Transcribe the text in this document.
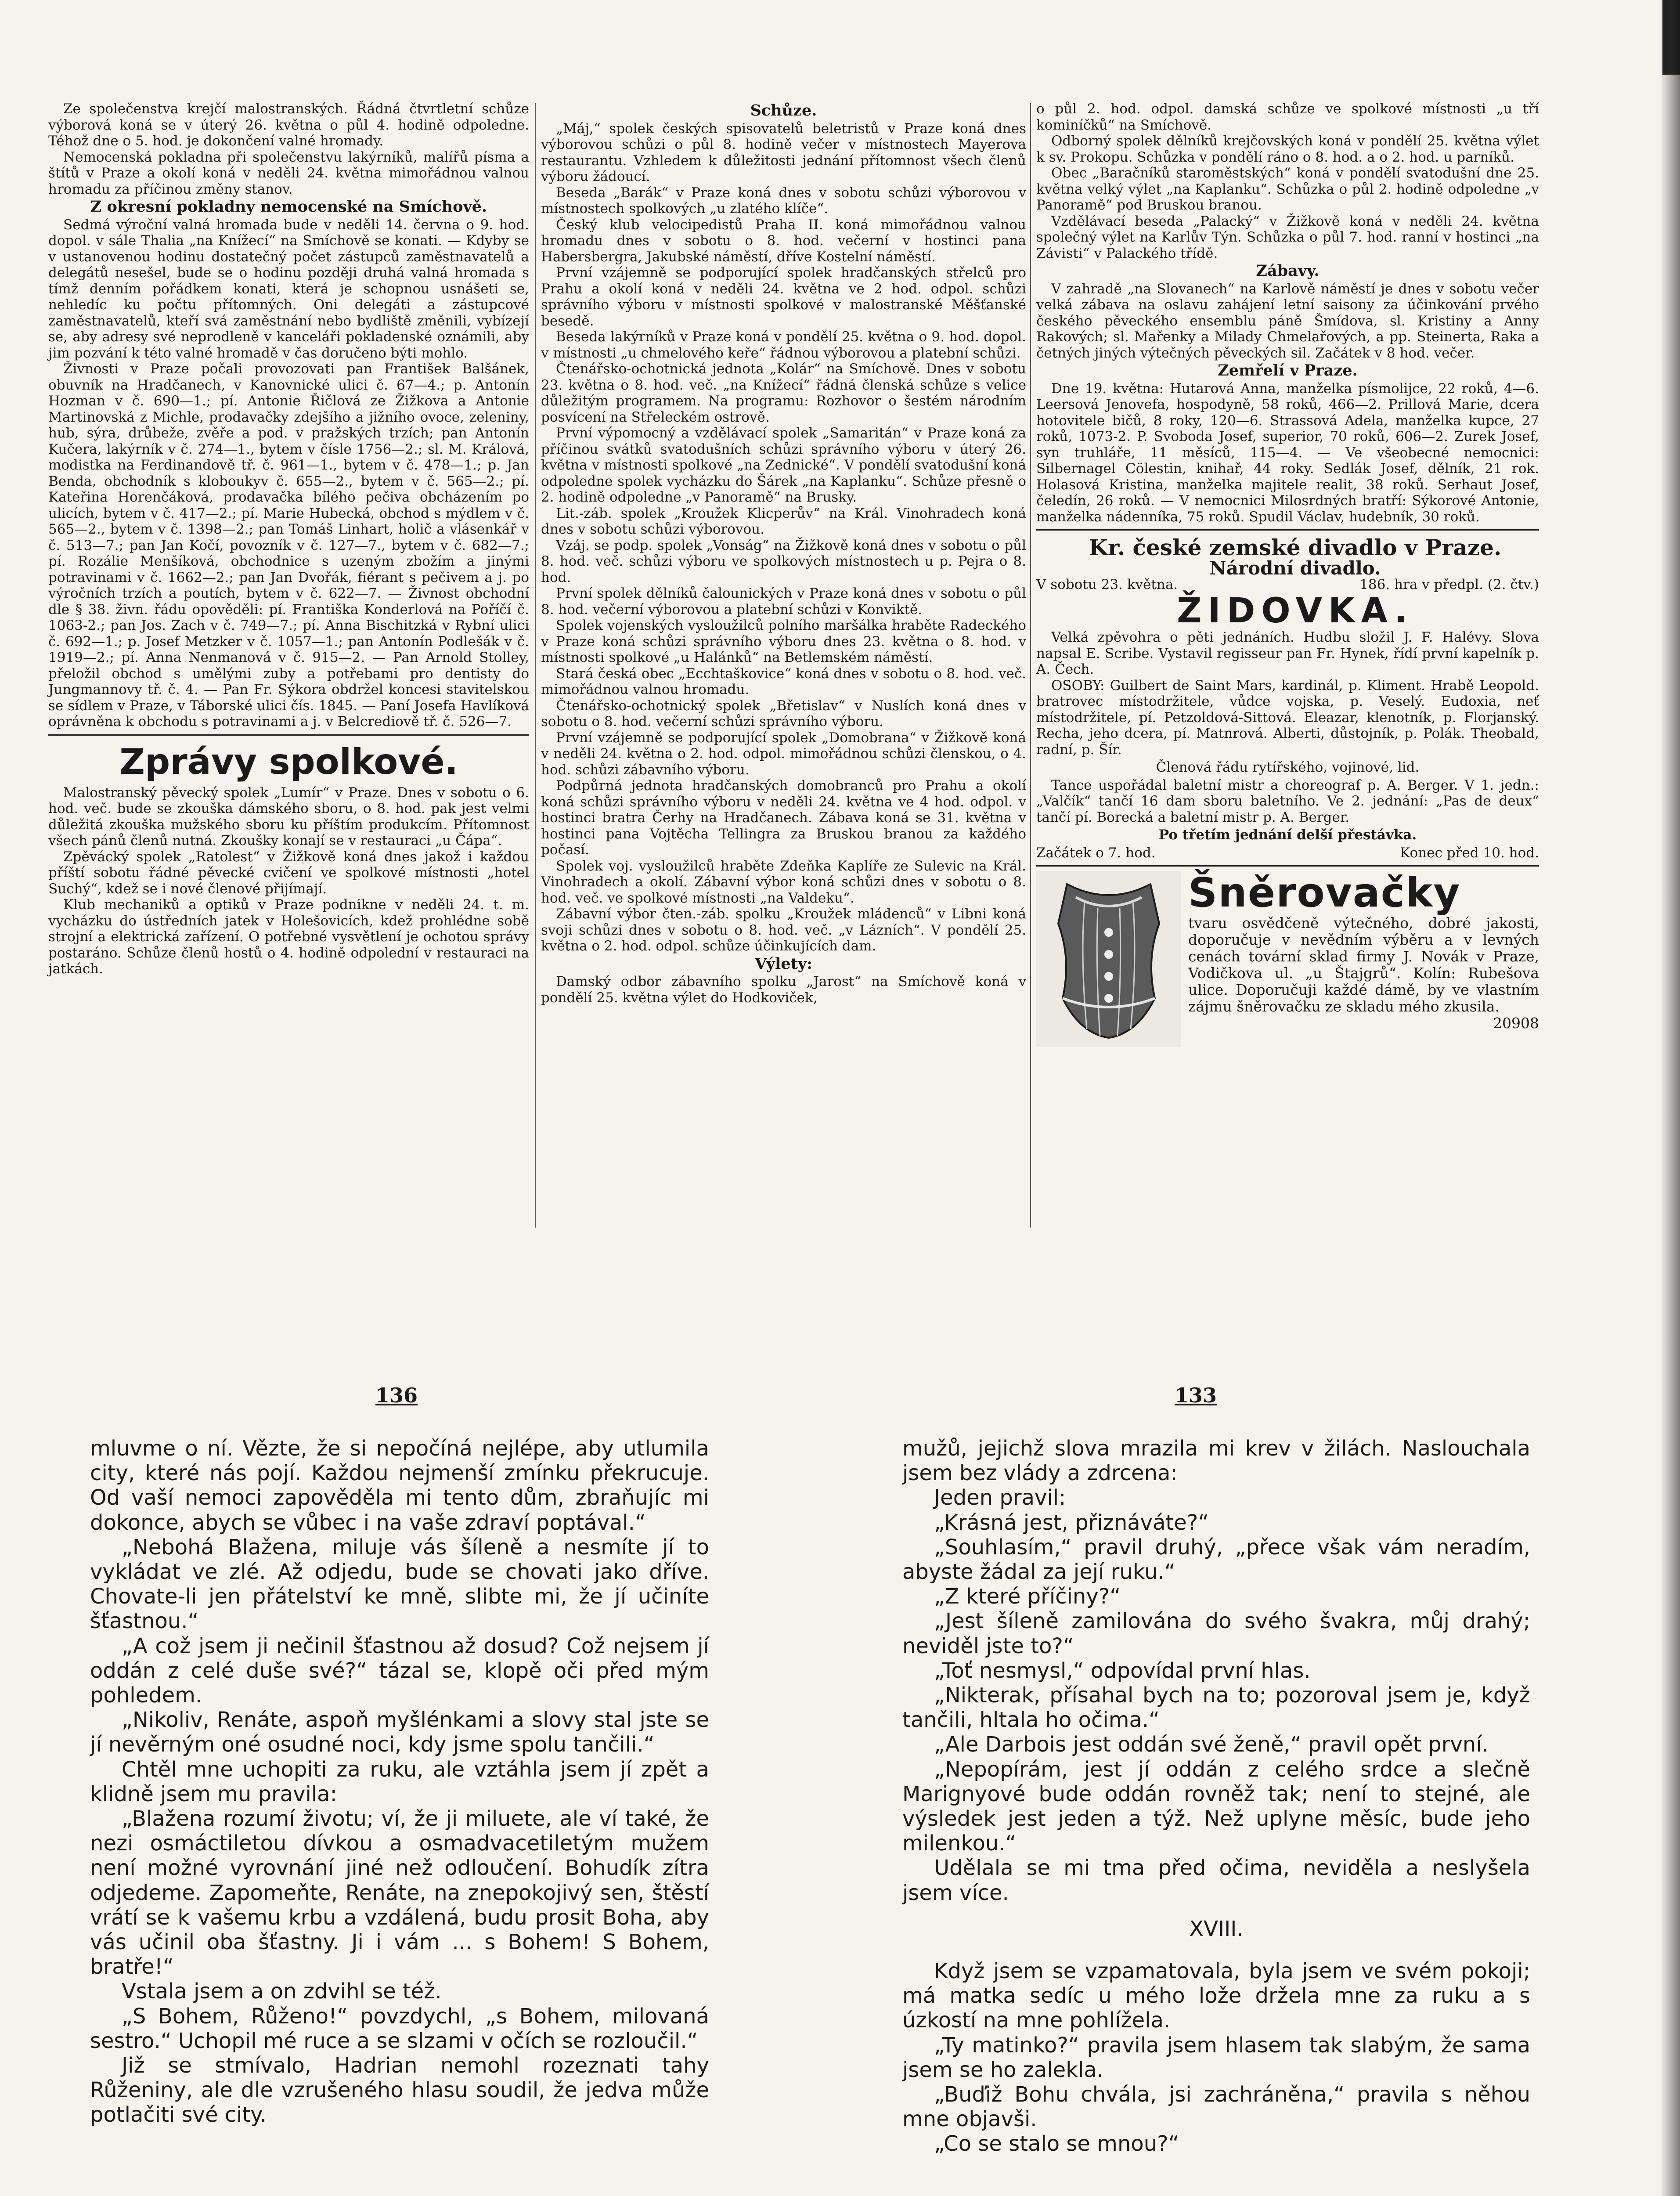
Ze společenstva krejčí malostranských. Řádná čtvrtletní schůze výborová koná se v úterý 26. května o půl 4. hodině odpoledne. Téhož dne o 5. hod. je dokončení valné hromady.

Nemocenská pokladna při společenstvu lakýrníků, malířů písma a štítů v Praze a okolí koná v neděli 24. května mimořádnou valnou hromadu za příčinou změny stanov.

Z okresní pokladny nemocenské na Smíchově.

Sedmá výroční valná hromada bude v neděli 14. června o 9. hod. dopol. v sále Thalia „na Knížecí“ na Smíchově se konati. — Kdyby se v ustanovenou hodinu dostatečný počet zástupců zaměstnavatelů a delegátů nesešel, bude se o hodinu později druhá valná hromada s tímž denním pořádkem konati, která je schopnou usnášeti se, nehledíc ku počtu přítomných. Oni delegáti a zástupcové zaměstnavatelů, kteří svá zaměstnání nebo bydliště změnili, vybízejí se, aby adresy své neprodleně v kanceláři pokladenské oznámili, aby jim pozvání k této valné hromadě v čas doručeno býti mohlo.

Živnosti v Praze počali provozovati pan František Balšánek, obuvník na Hradčanech, v Kanovnické ulici č. 67—4.; p. Antonín Hozman v č. 690—1.; pí. Antonie Řičlová ze Žižkova a Antonie Martinovská z Michle, prodavačky zdejšího a jižního ovoce, zeleniny, hub, sýra, drůbeže, zvěře a pod. v pražských trzích; pan Antonín Kučera, lakýrník v č. 274—1., bytem v čísle 1756—2.; sl. M. Králová, modistka na Ferdinandově tř. č. 961—1., bytem v č. 478—1.; p. Jan Benda, obchodník s kloboukyv č. 655—2., bytem v č. 565—2.; pí. Kateřina Horenčáková, prodavačka bílého pečiva obcházením po ulicích, bytem v č. 417—2.; pí. Marie Hubecká, obchod s mýdlem v č. 565—2., bytem v č. 1398—2.; pan Tomáš Linhart, holič a vlásenkář v č. 513—7.; pan Jan Kočí, povozník v č. 127—7., bytem v č. 682—7.; pí. Rozálie Menšíková, obchodnice s uzeným zbožím a jinými potravinami v č. 1662—2.; pan Jan Dvořák, fiérant s pečivem a j. po výročních trzích a poutích, bytem v č. 622—7. — Živnost obchodní dle § 38. živn. řádu opověděli: pí. Františka Konderlová na Poříčí č. 1063-2.; pan Jos. Zach v č. 749—7.; pí. Anna Bischitzká v Rybní ulici č. 692—1.; p. Josef Metzker v č. 1057—1.; pan Antonín Podlešák v č. 1919—2.; pí. Anna Nenmanová v č. 915—2. — Pan Arnold Stolley, přeložil obchod s umělými zuby a potřebami pro dentisty do Jungmannovy tř. č. 4. — Pan Fr. Sýkora obdržel koncesi stavitelskou se sídlem v Praze, v Táborské ulici čís. 1845. — Paní Josefa Havlíková oprávněna k obchodu s potravinami a j. v Belcrediově tř. č. 526—7.

Zprávy spolkové.

Malostranský pěvecký spolek „Lumír“ v Praze. Dnes v sobotu o 6. hod. več. bude se zkouška dámského sboru, o 8. hod. pak jest velmi důležitá zkouška mužského sboru ku příštím produkcím. Přítomnost všech pánů členů nutná. Zkoušky konají se v restauraci „u Čápa“.

Zpěvácký spolek „Ratolest“ v Žižkově koná dnes jakož i každou příští sobotu řádné pěvecké cvičení ve spolkové místnosti „hotel Suchý“, kdež se i nové členové přijímají.

Klub mechaniků a optiků v Praze podnikne v neděli 24. t. m. vycházku do ústředních jatek v Holešovicích, kdež prohlédne sobě strojní a elektrická zařízení. O potřebné vysvětlení je ochotou správy postaráno. Schůze členů hostů o 4. hodině odpolední v restauraci na jatkách.

Schůze.

„Máj,“ spolek českých spisovatelů beletristů v Praze koná dnes výborovou schůzi o půl 8. hodině večer v místnostech Mayerova restaurantu. Vzhledem k důležitosti jednání přítomnost všech členů výboru žádoucí.

Beseda „Barák“ v Praze koná dnes v sobotu schůzi výborovou v místnostech spolkových „u zlatého klíče“.

Český klub velocipedistů Praha II. koná mimořádnou valnou hromadu dnes v sobotu o 8. hod. večerní v hostinci pana Habersbergra, Jakubské náměstí, dříve Kostelní náměstí.

První vzájemně se podporující spolek hradčanských střelců pro Prahu a okolí koná v neděli 24. května ve 2 hod. odpol. schůzi správního výboru v místnosti spolkové v malostranské Měšťanské besedě.

Beseda lakýrníků v Praze koná v pondělí 25. května o 9. hod. dopol. v místnosti „u chmelového keře“ řádnou výborovou a platební schůzi.

Čtenářsko-ochotnická jednota „Kolár“ na Smíchově. Dnes v sobotu 23. května o 8. hod. več. „na Knížecí“ řádná členská schůze s velice důležitým programem. Na programu: Rozhovor o šestém národním posvícení na Střeleckém ostrově.

První výpomocný a vzdělávací spolek „Samaritán“ v Praze koná za příčinou svátků svatodušních schůzi správního výboru v úterý 26. května v místnosti spolkové „na Zednické“. V pondělí svatodušní koná odpoledne spolek vycházku do Šárek „na Kaplanku“. Schůze přesně o 2. hodině odpoledne „v Panoramě“ na Brusky.

Lit.-záb. spolek „Kroužek Klicperův“ na Král. Vinohradech koná dnes v sobotu schůzi výborovou.

Vzáj. se podp. spolek „Vonság“ na Žižkově koná dnes v sobotu o půl 8. hod. več. schůzi výboru ve spolkových místnostech u p. Pejra o 8. hod.

První spolek dělníků čalounických v Praze koná dnes v sobotu o půl 8. hod. večerní výborovou a platební schůzi v Konviktě.

Spolek vojenských vysloužilců polního maršálka hraběte Radeckého v Praze koná schůzi správního výboru dnes 23. května o 8. hod. v místnosti spolkové „u Halánků“ na Betlemském náměstí.

Stará česká obec „Ecchtaškovice“ koná dnes v sobotu o 8. hod. več. mimořádnou valnou hromadu.

Čtenářsko-ochotnický spolek „Břetislav“ v Nuslích koná dnes v sobotu o 8. hod. večerní schůzi správního výboru.

První vzájemně se podporující spolek „Domobrana“ v Žižkově koná v neděli 24. května o 2. hod. odpol. mimořádnou schůzi členskou, o 4. hod. schůzi zábavního výboru.

Podpůrná jednota hradčanských domobranců pro Prahu a okolí koná schůzi správního výboru v neděli 24. května ve 4 hod. odpol. v hostinci bratra Čerhy na Hradčanech. Zábava koná se 31. května v hostinci pana Vojtěcha Tellingra za Bruskou branou za každého počasí.

Spolek voj. vysloužilců hraběte Zdeňka Kaplíře ze Sulevic na Král. Vinohradech a okolí. Zábavní výbor koná schůzi dnes v sobotu o 8. hod. več. ve spolkové místnosti „na Valdeku“.

Zábavní výbor čten.-záb. spolku „Kroužek mládenců“ v Libni koná svoji schůzi dnes v sobotu o 8. hod. več. „v Lázních“. V pondělí 25. května o 2. hod. odpol. schůze účinkujících dam.

Výlety:

Damský odbor zábavního spolku „Jarost“ na Smíchově koná v pondělí 25. května výlet do Hodkoviček,

o půl 2. hod. odpol. damská schůze ve spolkové místnosti „u tří kominíčků“ na Smíchově.

Odborný spolek dělníků krejčovských koná v pondělí 25. května výlet k sv. Prokopu. Schůzka v pondělí ráno o 8. hod. a o 2. hod. u parníků.

Obec „Baračníků staroměstských“ koná v pondělí svatodušní dne 25. května velký výlet „na Kaplanku“. Schůzka o půl 2. hodině odpoledne „v Panoramě“ pod Bruskou branou.

Vzdělávací beseda „Palacký“ v Žižkově koná v neděli 24. května společný výlet na Karlův Týn. Schůzka o půl 7. hod. ranní v hostinci „na Závisti“ v Palackého třídě.

Zábavy.

V zahradě „na Slovanech“ na Karlově náměstí je dnes v sobotu večer velká zábava na oslavu zahájení letní saisony za účinkování prvého českého pěveckého ensemblu páně Šmídova, sl. Kristiny a Anny Rakových; sl. Mařenky a Milady Chmelařových, a pp. Steinerta, Raka a četných jiných výtečných pěveckých sil. Začátek v 8 hod. večer.

Zemřelí v Praze.

Dne 19. května: Hutarová Anna, manželka písmolijce, 22 roků, 4—6. Leersová Jenovefa, hospodyně, 58 roků, 466—2. Prillová Marie, dcera hotovitele bičů, 8 roky, 120—6. Strassová Adela, manželka kupce, 27 roků, 1073-2. P. Svoboda Josef, superior, 70 roků, 606—2. Zurek Josef, syn truhláře, 11 měsíců, 115—4. — Ve všeobecné nemocnici: Silbernagel Cölestin, knihař, 44 roky. Sedlák Josef, dělník, 21 rok. Holasová Kristina, manželka majitele realit, 38 roků. Serhaut Josef, čeledín, 26 roků. — V nemocnici Milosrdných bratří: Sýkorové Antonie, manželka nádenníka, 75 roků. Spudil Václav, hudebník, 30 roků.

Kr. české zemské divadlo v Praze.

Národní divadlo.

V sobotu 23. května.	186. hra v předpl. (2. čtv.)

ŽIDOVKA.

Velká zpěvohra o pěti jednáních. Hudbu složil J. F. Halévy. Slova napsal E. Scribe. Vystavil regisseur pan Fr. Hynek, řídí první kapelník p. A. Čech.

OSOBY: Guilbert de Saint Mars, kardinál, p. Kliment. Hrabě Leopold. bratrovec místodržitele, vůdce vojska, p. Veselý. Eudoxia, neť místodržitele, pí. Petzoldová-Sittová. Eleazar, klenotník, p. Florjanský. Recha, jeho dcera, pí. Matnrová. Alberti, důstojník, p. Polák. Theobald, radní, p. Šír.

Členová řádu rytířského, vojinové, lid.

Tance uspořádal baletní mistr a choreograf p. A. Berger. V 1. jedn.: „Valčík“ tančí 16 dam sboru baletního. Ve 2. jednání: „Pas de deux“ tančí pí. Borecká a baletní mistr p. A. Berger.

Po třetím jednání delší přestávka.

Začátek o 7. hod.	Konec před 10. hod.
Šněrovačky
tvaru osvědčeně výtečného, dobré jakosti, doporučuje v nevědním výběru a v levných cenách tovární sklad firmy J. Novák v Praze, Vodičkova ul. „u Štajgrů“. Kolín: Rubešova ulice. Doporučuji každé dámě, by ve vlastním zájmu šněrovačku ze skladu mého zkusila.
20908
136	133

mluvme o ní. Vězte, že si nepočíná nejlépe, aby utlumila city, které nás pojí. Každou nejmenší zmínku překrucuje. Od vaší nemoci zapověděla mi tento dům, zbraňujíc mi dokonce, abych se vůbec i na vaše zdraví poptával.“

„Nebohá Blažena, miluje vás šíleně a nesmíte jí to vykládat ve zlé. Až odjedu, bude se chovati jako dříve. Chovate-li jen přátelství ke mně, slibte mi, že jí učiníte šťastnou.“

„A což jsem ji nečinil šťastnou až dosud? Což nejsem jí oddán z celé duše své?“ tázal se, klopě oči před mým pohledem.

„Nikoliv, Renáte, aspoň myšlénkami a slovy stal jste se jí nevěrným oné osudné noci, kdy jsme spolu tančili.“

Chtěl mne uchopiti za ruku, ale vztáhla jsem jí zpět a klidně jsem mu pravila:

„Blažena rozumí životu; ví, že ji miluete, ale ví také, že nezi osmáctiletou dívkou a osmadvacetiletým mužem není možné vyrovnání jiné než odloučení. Bohudík zítra odjedeme. Zapomeňte, Renáte, na znepokojivý sen, štěstí vrátí se k vašemu krbu a vzdálená, budu prosit Boha, aby vás učinil oba šťastny. Ji i vám ... s Bohem! S Bohem, bratře!“

Vstala jsem a on zdvihl se též.

„S Bohem, Růženo!“ povzdychl, „s Bohem, milovaná sestro.“ Uchopil mé ruce a se slzami v očích se rozloučil.“

Již se stmívalo, Hadrian nemohl rozeznati tahy Růženiny, ale dle vzrušeného hlasu soudil, že jedva může potlačiti své city.

mužů, jejichž slova mrazila mi krev v žilách. Naslouchala jsem bez vlády a zdrcena:

Jeden pravil:

„Krásná jest, přiznáváte?“

„Souhlasím,“ pravil druhý, „přece však vám neradím, abyste žádal za její ruku.“

„Z které příčiny?“

„Jest šíleně zamilována do svého švakra, můj drahý; neviděl jste to?“

„Toť nesmysl,“ odpovídal první hlas.

„Nikterak, přísahal bych na to; pozoroval jsem je, když tančili, hltala ho očima.“

„Ale Darbois jest oddán své ženě,“ pravil opět první.

„Nepopírám, jest jí oddán z celého srdce a slečně Marignyové bude oddán rovněž tak; není to stejné, ale výsledek jest jeden a týž. Než uplyne měsíc, bude jeho milenkou.“

Udělala se mi tma před očima, neviděla a neslyšela jsem více.

XVIII.

Když jsem se vzpamatovala, byla jsem ve svém pokoji; má matka sedíc u mého lože držela mne za ruku a s úzkostí na mne pohlížela.

„Ty matinko?“ pravila jsem hlasem tak slabým, že sama jsem se ho zalekla.

„Buďiž Bohu chvála, jsi zachráněna,“ pravila s něhou mne objavši.

„Co se stalo se mnou?“
